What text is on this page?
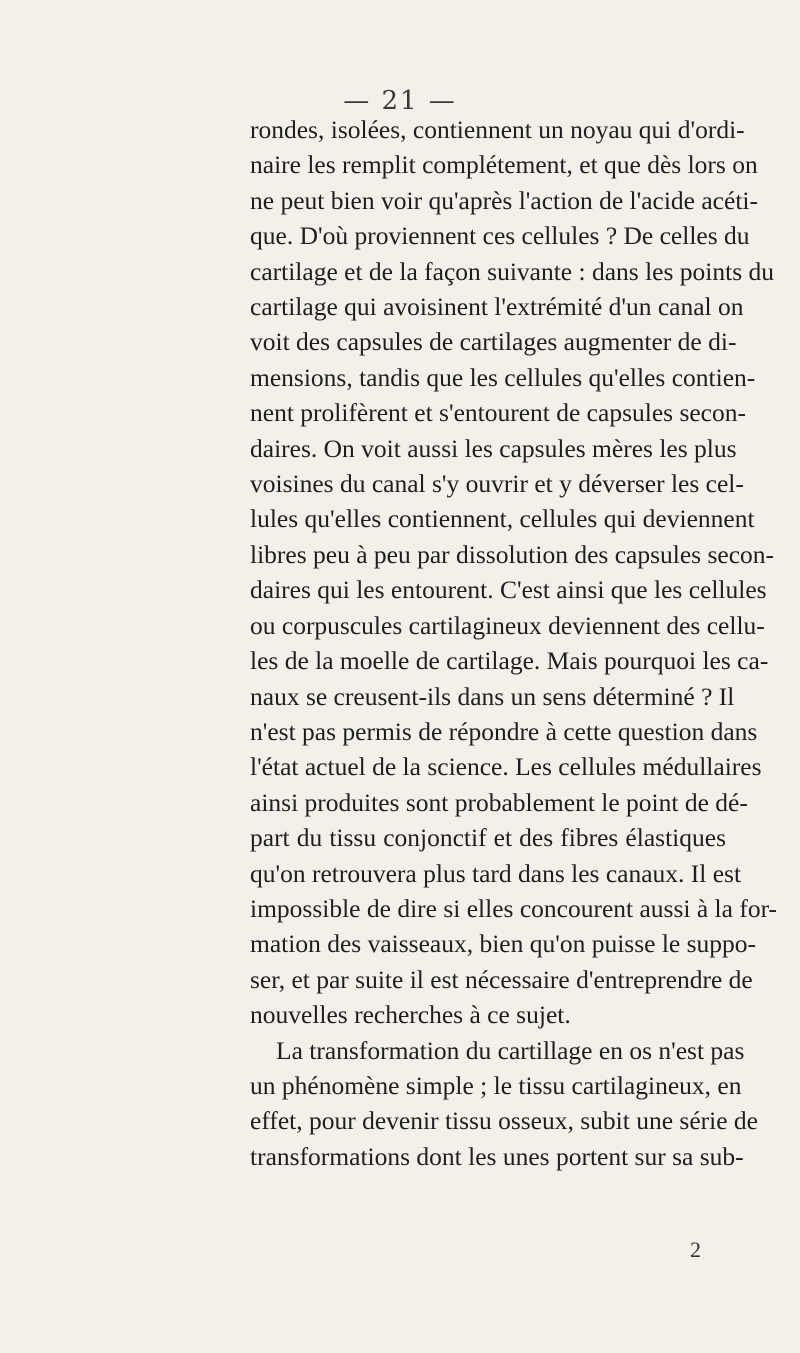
— 21 —
rondes, isolées, contiennent un noyau qui d'ordi-
naire les remplit complétement, et que dès lors on
ne peut bien voir qu'après l'action de l'acide acéti-
que. D'où proviennent ces cellules ? De celles du
cartilage et de la façon suivante : dans les points du
cartilage qui avoisinent l'extrémité d'un canal on
voit des capsules de cartilages augmenter de di-
mensions, tandis que les cellules qu'elles contien-
nent prolifèrent et s'entourent de capsules secon-
daires. On voit aussi les capsules mères les plus
voisines du canal s'y ouvrir et y déverser les cel-
lules qu'elles contiennent, cellules qui deviennent
libres peu à peu par dissolution des capsules secon-
daires qui les entourent. C'est ainsi que les cellules
ou corpuscules cartilagineux deviennent des cellu-
les de la moelle de cartilage. Mais pourquoi les ca-
naux se creusent-ils dans un sens déterminé ? Il
n'est pas permis de répondre à cette question dans
l'état actuel de la science. Les cellules médullaires
ainsi produites sont probablement le point de dé-
part du tissu conjonctif et des fibres élastiques
qu'on retrouvera plus tard dans les canaux. Il est
impossible de dire si elles concourent aussi à la for-
mation des vaisseaux, bien qu'on puisse le suppo-
ser, et par suite il est nécessaire d'entreprendre de
nouvelles recherches à ce sujet.
La transformation du cartillage en os n'est pas
un phénomène simple ; le tissu cartilagineux, en
effet, pour devenir tissu osseux, subit une série de
transformations dont les unes portent sur sa sub-
2
